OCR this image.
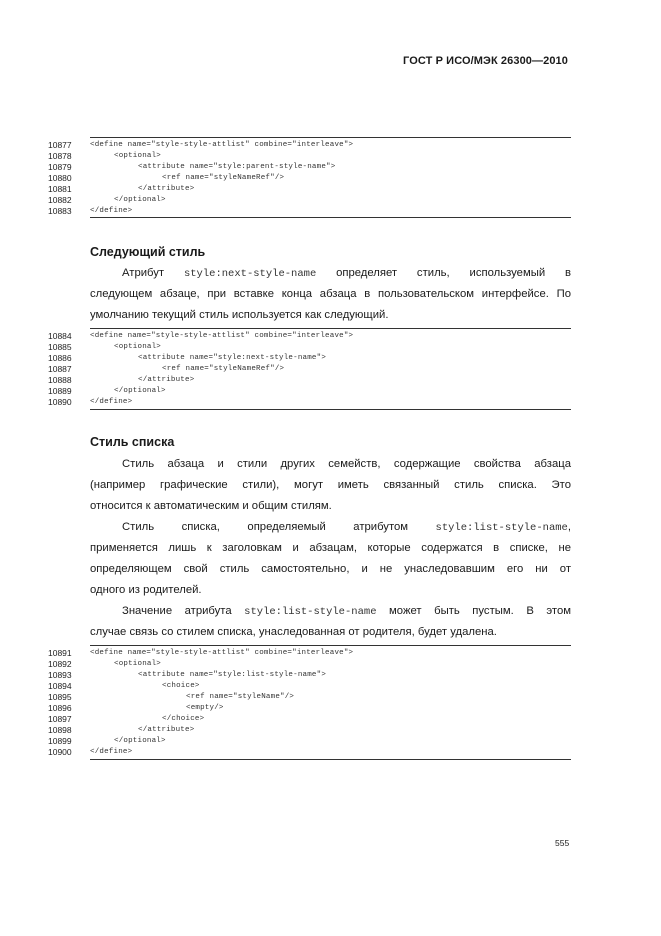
ГОСТ Р ИСО/МЭК 26300—2010
10877	<define name="style-style-attlist" combine="interleave">
10878	<optional>
10879	<attribute name="style:parent-style-name">
10880	<ref name="styleNameRef"/>
10881	</attribute>
10882	</optional>
10883	</define>
Следующий стиль
Атрибут style:next-style-name определяет стиль, используемый в
следующем абзаце, при вставке конца абзаца в пользовательском интерфейсе. По
умолчанию текущий стиль используется как следующий.
10884	<define name="style-style-attlist" combine="interleave">
10885	<optional>
10886	<attribute name="style:next-style-name">
10887	<ref name="styleNameRef"/>
10888	</attribute>
10889	</optional>
10890	</define>
Стиль списка
Стиль абзаца и стили других семейств, содержащие свойства абзаца
(например графические стили), могут иметь связанный стиль списка. Это
относится к автоматическим и общим стилям.
Стиль списка, определяемый атрибутом style:list-style-name,
применяется лишь к заголовкам и абзацам, которые содержатся в списке, не
определяющем свой стиль самостоятельно, и не унаследовавшим его ни от
одного из родителей.
Значение атрибута style:list-style-name может быть пустым. В этом
случае связь со стилем списка, унаследованная от родителя, будет удалена.
10891	<define name="style-style-attlist" combine="interleave">
10892	<optional>
10893	<attribute name="style:list-style-name">
10894	<choice>
10895	<ref name="styleName"/>
10896	<empty/>
10897	</choice>
10898	</attribute>
10899	</optional>
10900	</define>
555
